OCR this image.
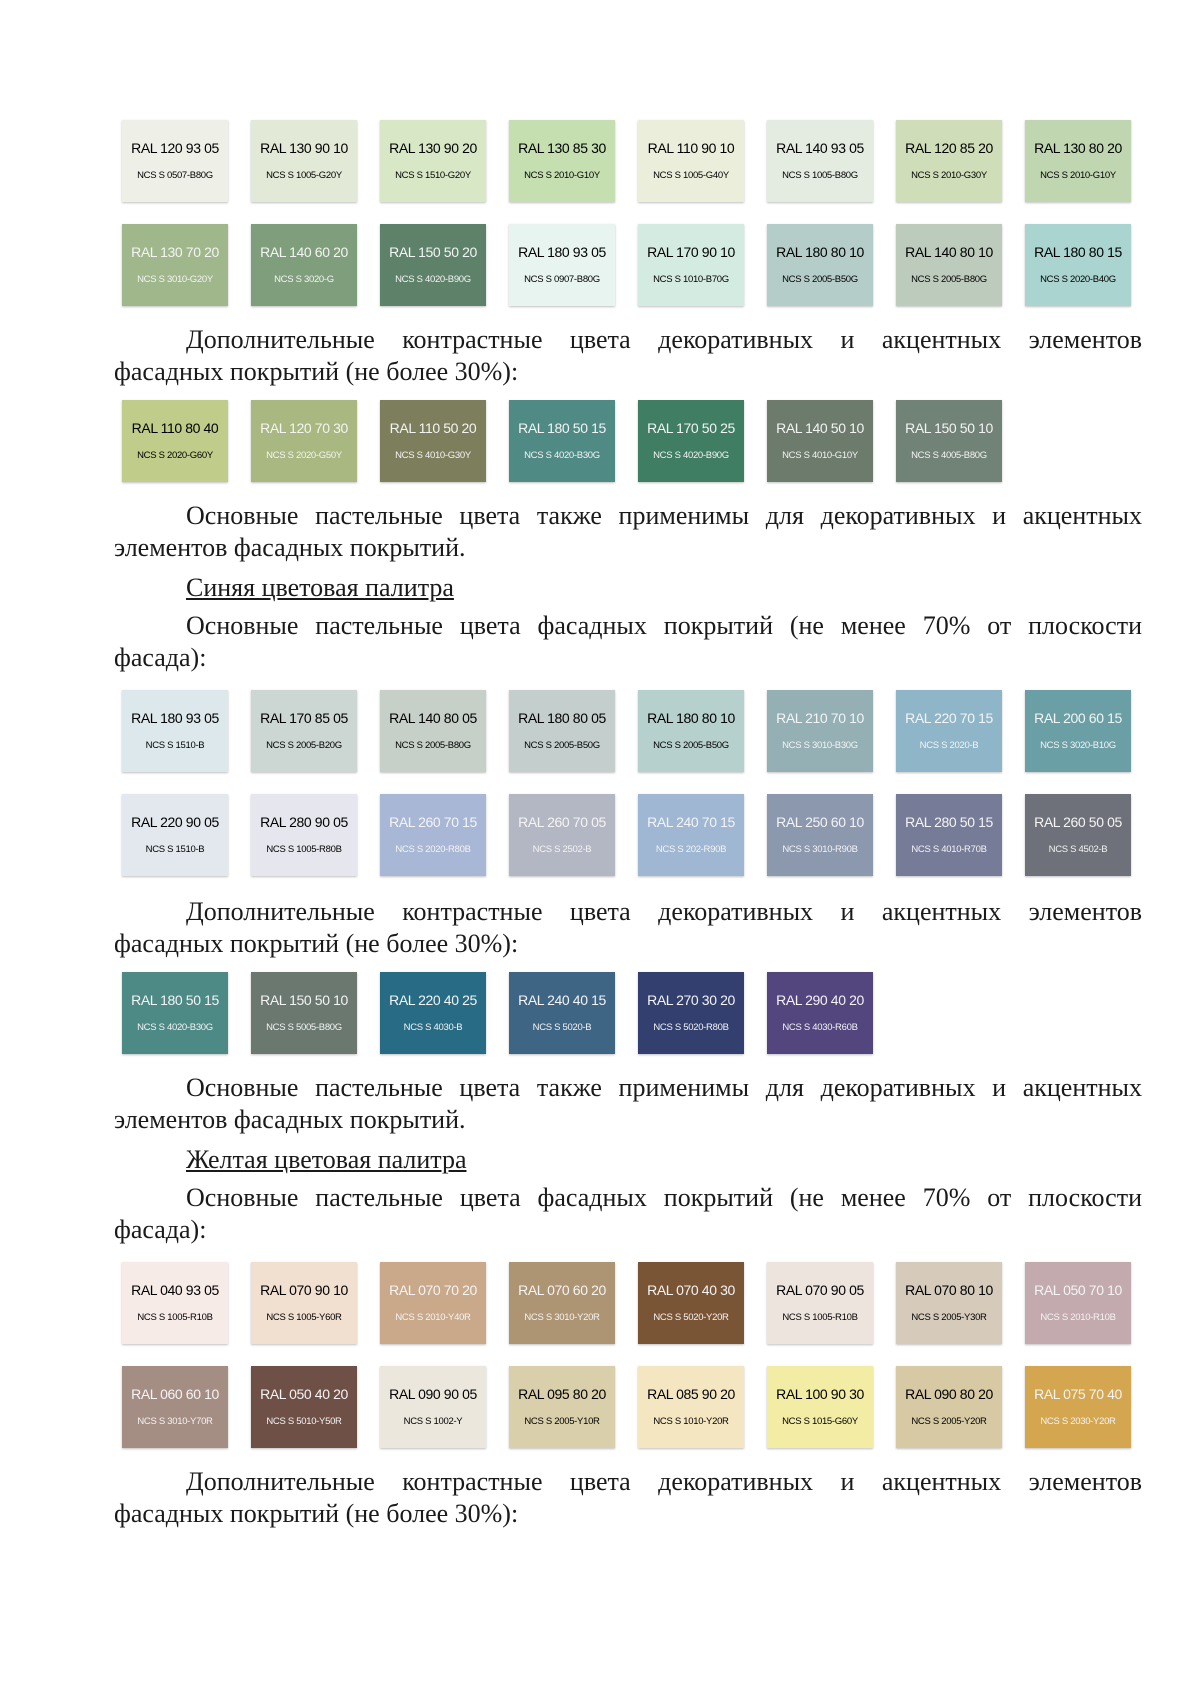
RAL 120 93 05
NCS S 0507-B80G
RAL 130 90 10
NCS S 1005-G20Y
RAL 130 90 20
NCS S 1510-G20Y
RAL 130 85 30
NCS S 2010-G10Y
RAL 110 90 10
NCS S 1005-G40Y
RAL 140 93 05
NCS S 1005-B80G
RAL 120 85 20
NCS S 2010-G30Y
RAL 130 80 20
NCS S 2010-G10Y
RAL 130 70 20
NCS S 3010-G20Y
RAL 140 60 20
NCS S 3020-G
RAL 150 50 20
NCS S 4020-B90G
RAL 180 93 05
NCS S 0907-B80G
RAL 170 90 10
NCS S 1010-B70G
RAL 180 80 10
NCS S 2005-B50G
RAL 140 80 10
NCS S 2005-B80G
RAL 180 80 15
NCS S 2020-B40G

Дополнительные контрастные цвета декоративных и акцентных элементов
фасадных покрытий (не более 30%):

RAL 110 80 40
NCS S 2020-G60Y
RAL 120 70 30
NCS S 2020-G50Y
RAL 110 50 20
NCS S 4010-G30Y
RAL 180 50 15
NCS S 4020-B30G
RAL 170 50 25
NCS S 4020-B90G
RAL 140 50 10
NCS S 4010-G10Y
RAL 150 50 10
NCS S 4005-B80G

Основные пастельные цвета также применимы для декоративных и акцентных
элементов фасадных покрытий.

Синяя цветовая палитра

Основные пастельные цвета фасадных покрытий (не менее 70% от плоскости
фасада):

RAL 180 93 05
NCS S 1510-B
RAL 170 85 05
NCS S 2005-B20G
RAL 140 80 05
NCS S 2005-B80G
RAL 180 80 05
NCS S 2005-B50G
RAL 180 80 10
NCS S 2005-B50G
RAL 210 70 10
NCS S 3010-B30G
RAL 220 70 15
NCS S 2020-B
RAL 200 60 15
NCS S 3020-B10G
RAL 220 90 05
NCS S 1510-B
RAL 280 90 05
NCS S 1005-R80B
RAL 260 70 15
NCS S 2020-R80B
RAL 260 70 05
NCS S 2502-B
RAL 240 70 15
NCS S 202-R90B
RAL 250 60 10
NCS S 3010-R90B
RAL 280 50 15
NCS S 4010-R70B
RAL 260 50 05
NCS S 4502-B

Дополнительные контрастные цвета декоративных и акцентных элементов
фасадных покрытий (не более 30%):

RAL 180 50 15
NCS S 4020-B30G
RAL 150 50 10
NCS S 5005-B80G
RAL 220 40 25
NCS S 4030-B
RAL 240 40 15
NCS S 5020-B
RAL 270 30 20
NCS S 5020-R80B
RAL 290 40 20
NCS S 4030-R60B

Основные пастельные цвета также применимы для декоративных и акцентных
элементов фасадных покрытий.

Желтая цветовая палитра

Основные пастельные цвета фасадных покрытий (не менее 70% от плоскости
фасада):

RAL 040 93 05
NCS S 1005-R10B
RAL 070 90 10
NCS S 1005-Y60R
RAL 070 70 20
NCS S 2010-Y40R
RAL 070 60 20
NCS S 3010-Y20R
RAL 070 40 30
NCS S 5020-Y20R
RAL 070 90 05
NCS S 1005-R10B
RAL 070 80 10
NCS S 2005-Y30R
RAL 050 70 10
NCS S 2010-R10B
RAL 060 60 10
NCS S 3010-Y70R
RAL 050 40 20
NCS S 5010-Y50R
RAL 090 90 05
NCS S 1002-Y
RAL 095 80 20
NCS S 2005-Y10R
RAL 085 90 20
NCS S 1010-Y20R
RAL 100 90 30
NCS S 1015-G60Y
RAL 090 80 20
NCS S 2005-Y20R
RAL 075 70 40
NCS S 2030-Y20R

Дополнительные контрастные цвета декоративных и акцентных элементов
фасадных покрытий (не более 30%):
